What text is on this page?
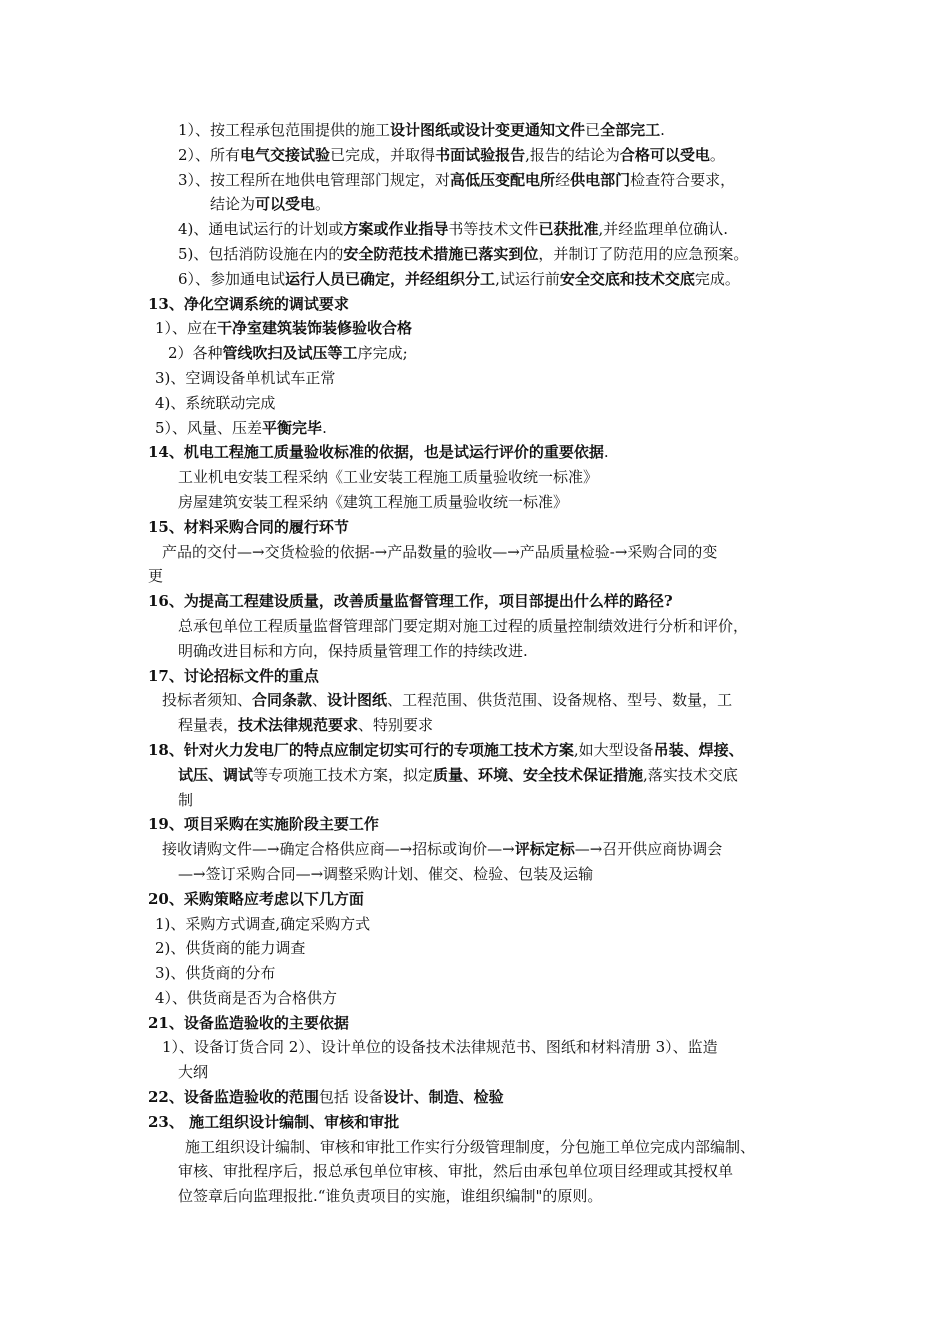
1）、按工程承包范围提供的施工设计图纸或设计变更通知文件已全部完工.
2）、所有电气交接试验已完成，并取得书面试验报告,报告的结论为合格可以受电。
3）、按工程所在地供电管理部门规定，对高低压变配电所经供电部门检查符合要求，
结论为可以受电。
4)、通电试运行的计划或方案或作业指导书等技术文件已获批准,并经监理单位确认.
5)、包括消防设施在内的安全防范技术措施已落实到位，并制订了防范用的应急预案。
6）、参加通电试运行人员已确定，并经组织分工,试运行前安全交底和技术交底完成。
13、净化空调系统的调试要求
1）、应在干净室建筑装饰装修验收合格
2）各种管线吹扫及试压等工序完成;
3)、空调设备单机试车正常
4)、系统联动完成
5）、风量、压差平衡完毕.
14、机电工程施工质量验收标准的依据，也是试运行评价的重要依据.
工业机电安装工程采纳《工业安装工程施工质量验收统一标准》
房屋建筑安装工程采纳《建筑工程施工质量验收统一标准》
15、材料采购合同的履行环节
产品的交付—→交货检验的依据-→产品数量的验收—→产品质量检验-→采购合同的变
更
16、为提高工程建设质量，改善质量监督管理工作，项目部提出什么样的路径?
总承包单位工程质量监督管理部门要定期对施工过程的质量控制绩效进行分析和评价，
明确改进目标和方向，保持质量管理工作的持续改进.
17、讨论招标文件的重点
投标者须知、合同条款、设计图纸、工程范围、供货范围、设备规格、型号、数量，工
程量表，技术法律规范要求、特别要求
18、针对火力发电厂的特点应制定切实可行的专项施工技术方案,如大型设备吊装、焊接、
试压、调试等专项施工技术方案，拟定质量、环境、安全技术保证措施,落实技术交底
制
19、项目采购在实施阶段主要工作
接收请购文件—→确定合格供应商—→招标或询价—→评标定标—→召开供应商协调会
—→签订采购合同—→调整采购计划、催交、检验、包装及运输
20、采购策略应考虑以下几方面
1)、采购方式调查,确定采购方式
2)、供货商的能力调查
3)、供货商的分布
4）、供货商是否为合格供方
21、设备监造验收的主要依据
1）、设备订货合同 2）、设计单位的设备技术法律规范书、图纸和材料清册 3）、监造
大纲
22、设备监造验收的范围包括 设备设计、制造、检验
23、 施工组织设计编制、审核和审批
施工组织设计编制、审核和审批工作实行分级管理制度，分包施工单位完成内部编制、
审核、审批程序后，报总承包单位审核、审批，然后由承包单位项目经理或其授权单
位签章后向监理报批.“谁负责项目的实施，谁组织编制"的原则。
